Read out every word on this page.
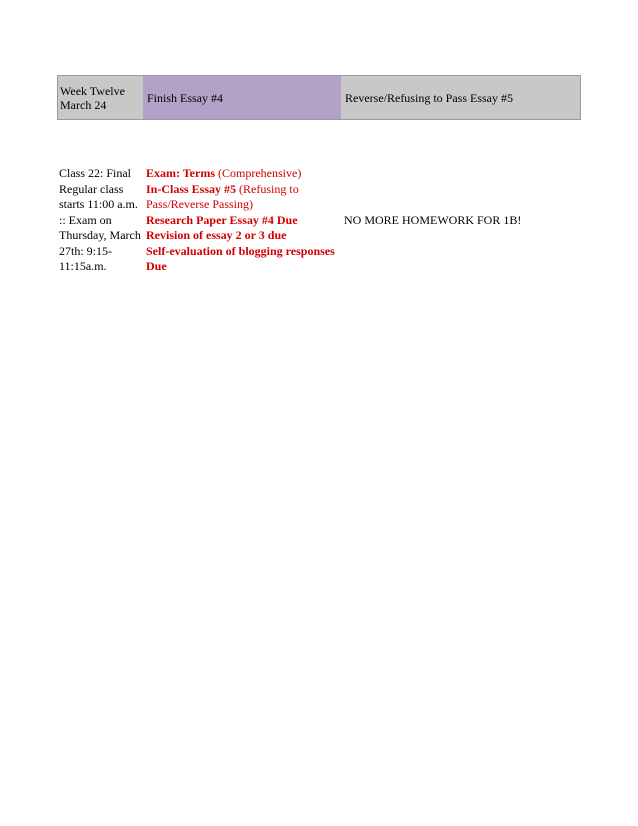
Week Twelve
March 24	Finish Essay #4	Reverse/Refusing to Pass Essay #5
Class 22: Final
Regular class
starts 11:00 a.m.
:: Exam on
Thursday, March
27th: 9:15-
11:15a.m.
Exam: Terms (Comprehensive)
In-Class Essay #5 (Refusing to
Pass/Reverse Passing)
Research Paper Essay #4 Due
Revision of essay 2 or 3 due
Self-evaluation of blogging responses
Due
NO MORE HOMEWORK FOR 1B!
